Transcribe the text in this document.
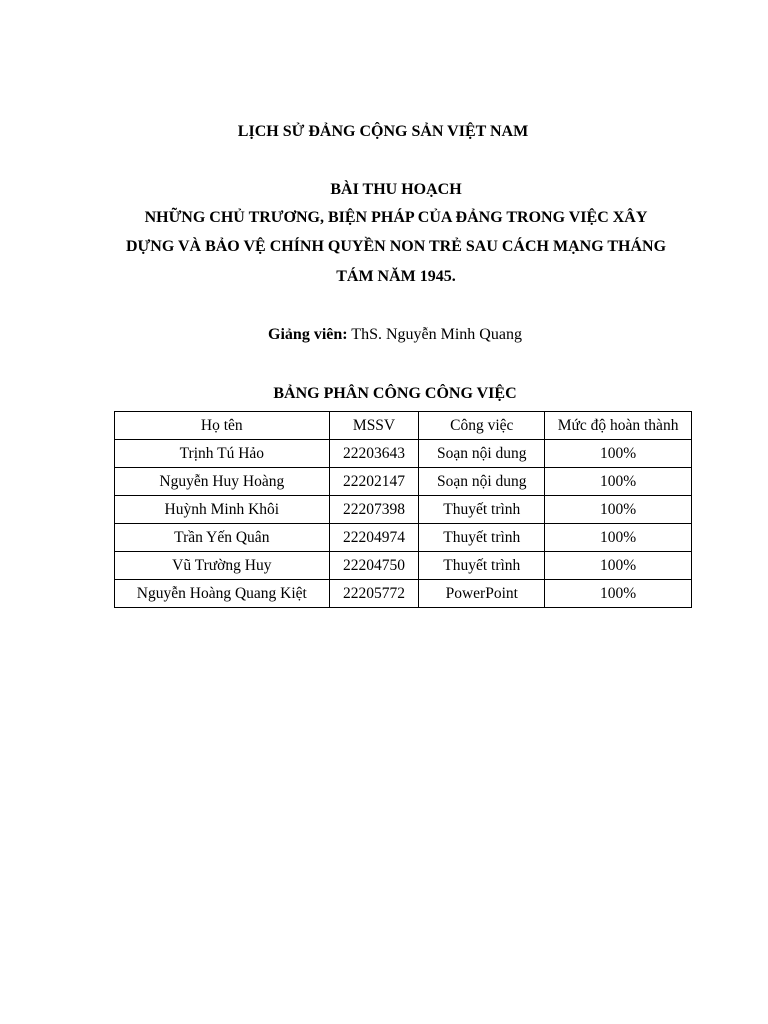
LỊCH SỬ ĐẢNG CỘNG SẢN VIỆT NAM
BÀI THU HOẠCH
NHỮNG CHỦ TRƯƠNG, BIỆN PHÁP CỦA ĐẢNG TRONG VIỆC XÂY
DỰNG VÀ BẢO VỆ CHÍNH QUYỀN NON TRẺ SAU CÁCH MẠNG THÁNG
TÁM NĂM 1945.
Giảng viên: ThS. Nguyễn Minh Quang
BẢNG PHÂN CÔNG CÔNG VIỆC
Họ tên	MSSV	Công việc	Mức độ hoàn thành
Trịnh Tú Hảo	22203643	Soạn nội dung	100%
Nguyễn Huy Hoàng	22202147	Soạn nội dung	100%
Huỳnh Minh Khôi	22207398	Thuyết trình	100%
Trần Yến Quân	22204974	Thuyết trình	100%
Vũ Trường Huy	22204750	Thuyết trình	100%
Nguyễn Hoàng Quang Kiệt	22205772	PowerPoint	100%
